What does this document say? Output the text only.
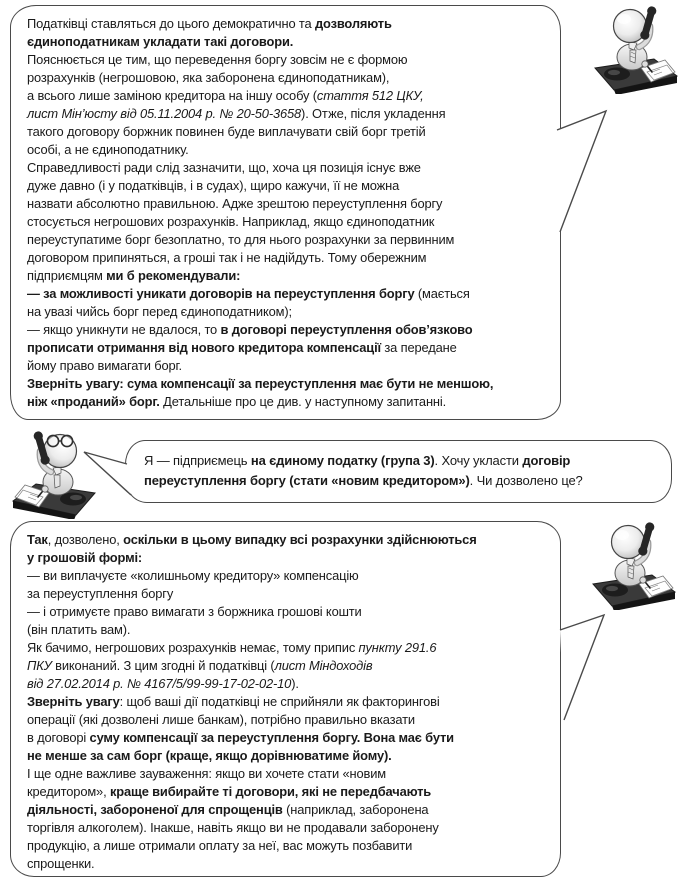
Податківці ставляться до цього демократично та дозволяють
єдиноподатникам укладати такі договори.
Пояснюється це тим, що переведення боргу зовсім не є формою
розрахунків (негрошовою, яка заборонена єдиноподатникам),
а всього лише заміною кредитора на іншу особу (стаття 512 ЦКУ,
лист Мін’юсту від 05.11.2004 р. № 20-50-3658). Отже, після укладення
такого договору боржник повинен буде виплачувати свій борг третій
особі, а не єдиноподатнику.
Справедливості ради слід зазначити, що, хоча ця позиція існує вже
дуже давно (і у податківців, і в судах), щиро кажучи, її не можна
назвати абсолютно правильною. Адже зрештою переуступлення боргу
стосується негрошових розрахунків. Наприклад, якщо єдиноподатник
переуступатиме борг безоплатно, то для нього розрахунки за первинним
договором припиняться, а гроші так і не надійдуть. Тому обережним
підприємцям ми б рекомендували:
— за можливості уникати договорів на переуступлення боргу (мається
на увазі чийсь борг перед єдиноподатником);
— якщо уникнути не вдалося, то в договорі переуступлення обов’язково
прописати отримання від нового кредитора компенсації за передане
йому право вимагати борг.
Зверніть увагу: сума компенсації за переуступлення має бути не меншою,
ніж «проданий» борг. Детальніше про це див. у наступному запитанні.
Я — підприємець на єдиному податку (група 3). Хочу укласти договір
переуступлення боргу (стати «новим кредитором»). Чи дозволено це?
Так, дозволено, оскільки в цьому випадку всі розрахунки здійснюються
у грошовій формі:
— ви виплачуєте «колишньому кредитору» компенсацію
за переуступлення боргу
— і отримуєте право вимагати з боржника грошові кошти
(він платить вам).
Як бачимо, негрошових розрахунків немає, тому припис пункту 291.6
ПКУ виконаний. З цим згодні й податківці (лист Міндоходів
від 27.02.2014 р. № 4167/5/99-99-17-02-02-10).
Зверніть увагу: щоб ваші дії податківці не сприйняли як факторингові
операції (які дозволені лише банкам), потрібно правильно вказати
в договорі суму компенсації за переуступлення боргу. Вона має бути
не менше за сам борг (краще, якщо дорівнюватиме йому).
І ще одне важливе зауваження: якщо ви хочете стати «новим
кредитором», краще вибирайте ті договори, які не передбачають
діяльності, забороненої для спрощенців (наприклад, заборонена
торгівля алкоголем). Інакше, навіть якщо ви не продавали заборонену
продукцію, а лише отримали оплату за неї, вас можуть позбавити
спрощенки.
